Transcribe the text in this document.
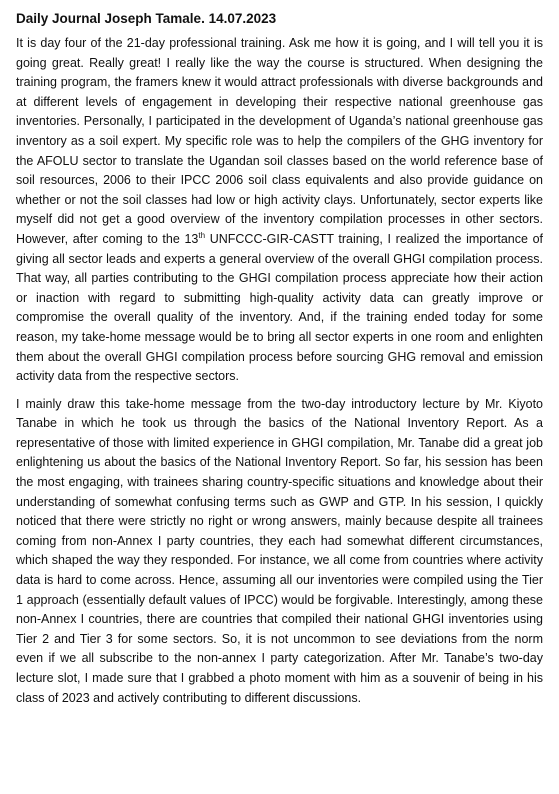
Daily Journal Joseph Tamale. 14.07.2023

It is day four of the 21-day professional training. Ask me how it is going, and I will tell you it is going great. Really great! I really like the way the course is structured. When designing the training program, the framers knew it would attract professionals with diverse backgrounds and at different levels of engagement in developing their respective national greenhouse gas inventories. Personally, I participated in the development of Uganda’s national greenhouse gas inventory as a soil expert. My specific role was to help the compilers of the GHG inventory for the AFOLU sector to translate the Ugandan soil classes based on the world reference base of soil resources, 2006 to their IPCC 2006 soil class equivalents and also provide guidance on whether or not the soil classes had low or high activity clays. Unfortunately, sector experts like myself did not get a good overview of the inventory compilation processes in other sectors. However, after coming to the 13th UNFCCC-GIR-CASTT training, I realized the importance of giving all sector leads and experts a general overview of the overall GHGI compilation process. That way, all parties contributing to the GHGI compilation process appreciate how their action or inaction with regard to submitting high-quality activity data can greatly improve or compromise the overall quality of the inventory. And, if the training ended today for some reason, my take-home message would be to bring all sector experts in one room and enlighten them about the overall GHGI compilation process before sourcing GHG removal and emission activity data from the respective sectors.

I mainly draw this take-home message from the two-day introductory lecture by Mr. Kiyoto Tanabe in which he took us through the basics of the National Inventory Report. As a representative of those with limited experience in GHGI compilation, Mr. Tanabe did a great job enlightening us about the basics of the National Inventory Report. So far, his session has been the most engaging, with trainees sharing country-specific situations and knowledge about their understanding of somewhat confusing terms such as GWP and GTP. In his session, I quickly noticed that there were strictly no right or wrong answers, mainly because despite all trainees coming from non-Annex I party countries, they each had somewhat different circumstances, which shaped the way they responded. For instance, we all come from countries where activity data is hard to come across. Hence, assuming all our inventories were compiled using the Tier 1 approach (essentially default values of IPCC) would be forgivable. Interestingly, among these non-Annex I countries, there are countries that compiled their national GHGI inventories using Tier 2 and Tier 3 for some sectors. So, it is not uncommon to see deviations from the norm even if we all subscribe to the non-annex I party categorization. After Mr. Tanabe’s two-day lecture slot, I made sure that I grabbed a photo moment with him as a souvenir of being in his class of 2023 and actively contributing to different discussions.
